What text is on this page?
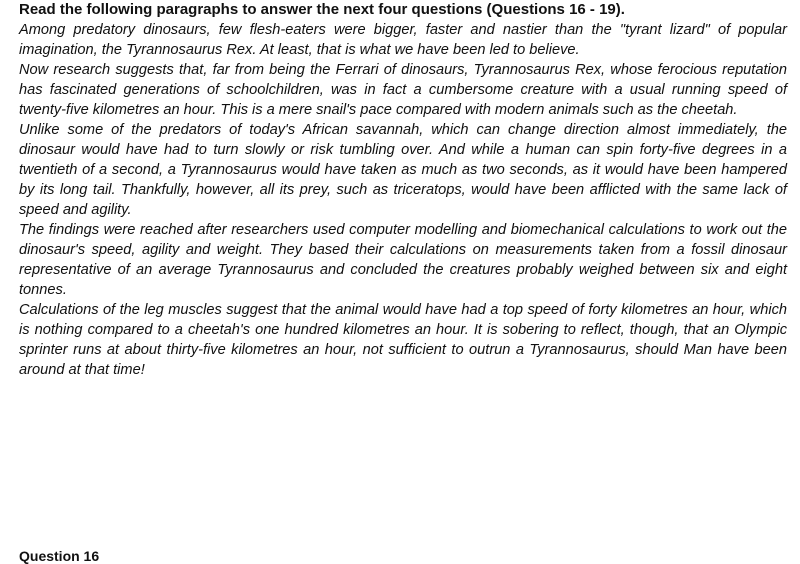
Read the following paragraphs to answer the next four questions (Questions 16 - 19).

Among predatory dinosaurs, few flesh-eaters were bigger, faster and nastier than the "tyrant lizard" of popular imagination, the Tyrannosaurus Rex. At least, that is what we have been led to believe.

Now research suggests that, far from being the Ferrari of dinosaurs, Tyrannosaurus Rex, whose ferocious reputation has fascinated generations of schoolchildren, was in fact a cumbersome creature with a usual running speed of twenty-five kilometres an hour. This is a mere snail's pace compared with modern animals such as the cheetah.

Unlike some of the predators of today's African savannah, which can change direction almost immediately, the dinosaur would have had to turn slowly or risk tumbling over. And while a human can spin forty-five degrees in a twentieth of a second, a Tyrannosaurus would have taken as much as two seconds, as it would have been hampered by its long tail. Thankfully, however, all its prey, such as triceratops, would have been afflicted with the same lack of speed and agility.

The findings were reached after researchers used computer modelling and biomechanical calculations to work out the dinosaur's speed, agility and weight. They based their calculations on measurements taken from a fossil dinosaur representative of an average Tyrannosaurus and concluded the creatures probably weighed between six and eight tonnes.

Calculations of the leg muscles suggest that the animal would have had a top speed of forty kilometres an hour, which is nothing compared to a cheetah's one hundred kilometres an hour. It is sobering to reflect, though, that an Olympic sprinter runs at about thirty-five kilometres an hour, not sufficient to outrun a Tyrannosaurus, should Man have been around at that time!

Question 16
